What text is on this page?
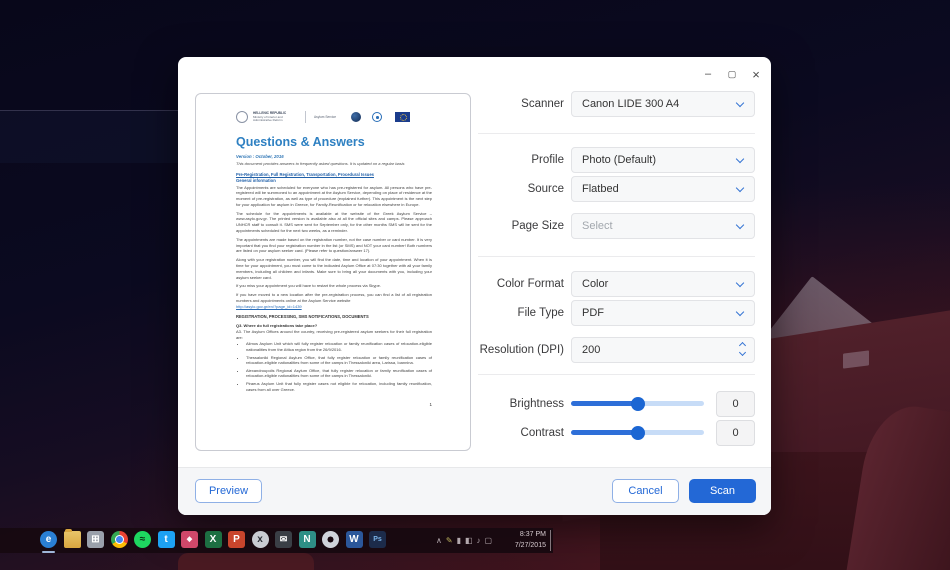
– ▢ ×
HELLENIC REPUBLIC
Ministry of Interior and Administrative Reform
Asylum Service
Questions & Answers
Version : October, 2016
This document provides answers to frequently asked questions. It is updated on a regular basis
Pre-Registration, Full Registration, Transportation, Procedural Issues
General information
The Appointments are scheduled for everyone who has pre-registered for asylum. All persons who have pre-registered will be summoned to an appointment at the Asylum Service, depending on place of residence at the moment of pre-registration, as well as type of procedure (explained further). This appointment is the next step for your application for asylum in Greece, for Family-Reunification or for relocation elsewhere in Europe.
The schedule for the appointments is available at the website of the Greek Asylum Service – www.asylo.gov.gr. The printed version is available also at all the official sites and camps. Please approach UNHCR staff to consult it. SMS were sent for September only, for the other months SMS will be sent for the appointments scheduled for the next two weeks, as a reminder.
The appointments are made based on the registration number, not the case number or card number. It is very important that you find your registration number in the list (or SMS) and NOT your card number! Both numbers are listed on your asylum seeker card. (Please refer to question/answer 17).
Along with your registration number, you will find the date, time and location of your appointment. When it is time for your appointment, you must come to the indicated Asylum Office at 07:30 together with all your family members, including all children and infants. Make sure to bring all your documents with you, including your asylum seeker card.
If you miss your appointment you will have to restart the whole process via Skype.
If you have moved to a new location after the pre-registration process, you can find a list of all registration numbers and appointments online at the Asylum Service website
http://asylo.gov.gr/en/?page_id=1439
REGISTRATION, PROCESSING, SMS NOTIFICATIONS, DOCUMENTS
Q3. Where do full registrations take place?
A3. The Asylum Offices around the country, receiving pre-registered asylum seekers for their full registration are:
• Alimos Asylum Unit which will fully register relocation or family reunification cases of relocation-eligible nationalities from the Attica region from the 26/9/2016.
• Thessaloniki Regional Asylum Office, that fully register relocation or family reunification cases of relocation-eligible nationalities from some of the camps in Thessaloniki area, Larissa, Ioannina.
• Alexandroupolis Regional Asylum Office, that fully register relocation or family reunification cases of relocation-eligible nationalities from some of the camps in Thessaloniki.
• Piraeus Asylum Unit that fully register cases not eligible for relocation, including family reunification, cases from all over Greece.
1
Scanner Canon LIDE 300 A4
Profile Photo (Default)
Source Flatbed
Page Size Select
Color Format Color
File Type PDF
Resolution (DPI) 200
Brightness	0
Contrast	0
Preview	Cancel	Scan
e	⊞	≈	t	◆	X	P	x	✉	N	W	Ps	∧ ✎ ▮ ◧ ♪ ▢
8:37 PM
7/27/2015
